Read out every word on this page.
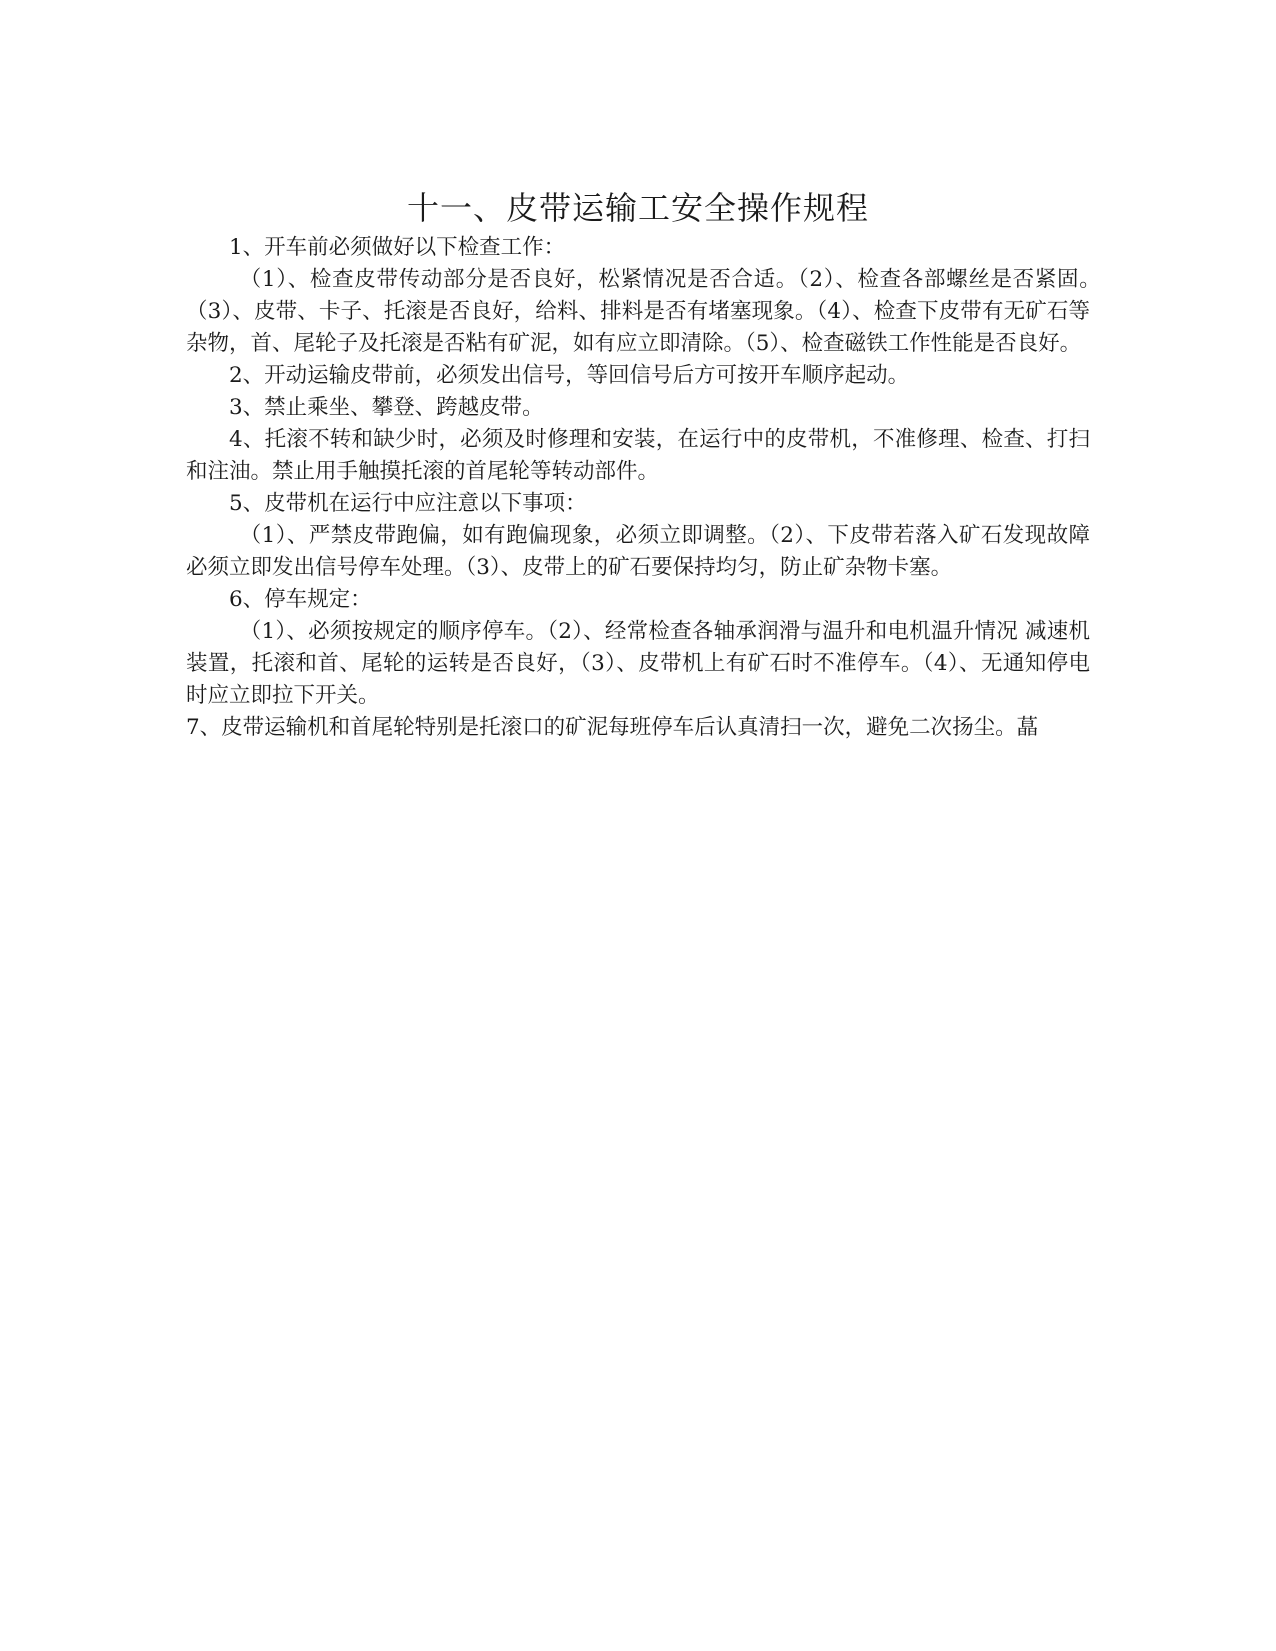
十一、皮带运输工安全操作规程

1、开车前必须做好以下检查工作：

（1）、检查皮带传动部分是否良好，松紧情况是否合适。（2）、检查各部螺丝是否紧固。　（3）、皮带、卡子、托滚是否良好，给料、排料是否有堵塞现象。（4）、检查下皮带有无矿石等杂物，首、尾轮子及托滚是否粘有矿泥，如有应立即清除。（5）、检查磁铁工作性能是否良好。

2、开动运输皮带前，必须发出信号，等回信号后方可按开车顺序起动。

3、禁止乘坐、攀登、跨越皮带。

4、托滚不转和缺少时，必须及时修理和安装，在运行中的皮带机，不准修理、检查、打扫和注油。禁止用手触摸托滚的首尾轮等转动部件。

5、皮带机在运行中应注意以下事项：

（1）、严禁皮带跑偏，如有跑偏现象，必须立即调整。（2）、下皮带若落入矿石发现故障必须立即发出信号停车处理。（3）、皮带上的矿石要保持均匀，防止矿杂物卡塞。

6、停车规定：

（1）、必须按规定的顺序停车。（2）、经常检查各轴承润滑与温升和电机温升情况 减速机装置，托滚和首、尾轮的运转是否良好，（3）、皮带机上有矿石时不准停车。（4）、无通知停电时应立即拉下开关。

7、皮带运输机和首尾轮特别是托滚口的矿泥每班停车后认真清扫一次，避免二次扬尘。蕌
